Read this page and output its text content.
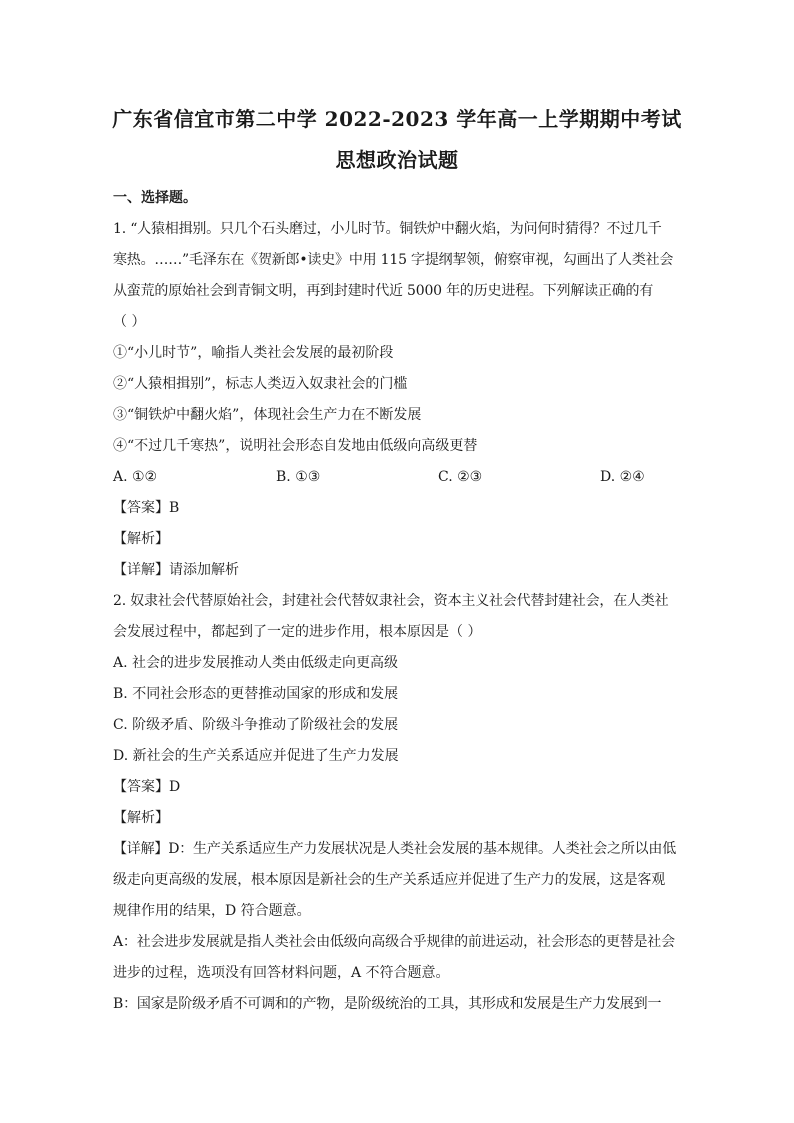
广东省信宜市第二中学 2022-2023 学年高一上学期期中考试
思想政治试题
一、选择题。
1. “人猿相揖别。只几个石头磨过，小儿时节。铜铁炉中翻火焰，为问何时猜得？不过几千
寒热。……”毛泽东在《贺新郎•读史》中用 115 字提纲挈领，俯察审视，勾画出了人类社会
从蛮荒的原始社会到青铜文明，再到封建时代近 5000 年的历史进程。下列解读正确的有
（ ）
①“小儿时节”，喻指人类社会发展的最初阶段
②“人猿相揖别”，标志人类迈入奴隶社会的门槛
③“铜铁炉中翻火焰”，体现社会生产力在不断发展
④“不过几千寒热”，说明社会形态自发地由低级向高级更替
A. ①②	B. ①③	C. ②③	D. ②④
【答案】B
【解析】
【详解】请添加解析
2. 奴隶社会代替原始社会，封建社会代替奴隶社会，资本主义社会代替封建社会，在人类社
会发展过程中，都起到了一定的进步作用，根本原因是（ ）
A. 社会的进步发展推动人类由低级走向更高级
B. 不同社会形态的更替推动国家的形成和发展
C. 阶级矛盾、阶级斗争推动了阶级社会的发展
D. 新社会的生产关系适应并促进了生产力发展
【答案】D
【解析】
【详解】D：生产关系适应生产力发展状况是人类社会发展的基本规律。人类社会之所以由低
级走向更高级的发展，根本原因是新社会的生产关系适应并促进了生产力的发展，这是客观
规律作用的结果，D 符合题意。
A：社会进步发展就是指人类社会由低级向高级合乎规律的前进运动，社会形态的更替是社会
进步的过程，选项没有回答材料问题，A 不符合题意。
B：国家是阶级矛盾不可调和的产物，是阶级统治的工具，其形成和发展是生产力发展到一
